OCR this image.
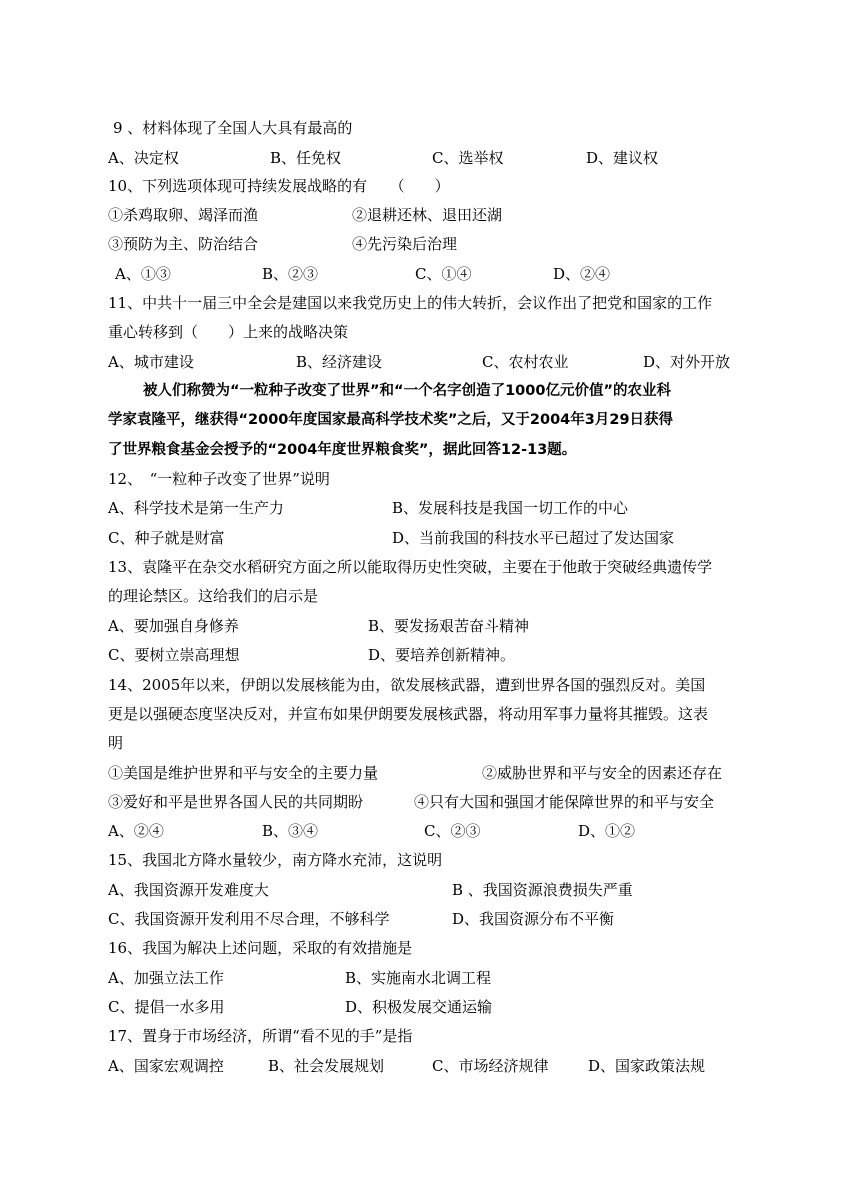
9 、材料体现了全国人大具有最高的
A、决定权	B、任免权	C、选举权	D、建议权
10、下列选项体现可持续发展战略的有　　（　　）
①杀鸡取卵、竭泽而渔	②退耕还林、退田还湖
③预防为主、防治结合	④先污染后治理
A、①③	B、②③	C、①④	D、②④
11、中共十一届三中全会是建国以来我党历史上的伟大转折，会议作出了把党和国家的工作
重心转移到（　　）上来的战略决策
A、城市建设	B、经济建设	C、农村农业	D、对外开放
被人们称赞为“一粒种子改变了世界”和“一个名字创造了1000亿元价值”的农业科
学家袁隆平，继获得“2000年度国家最高科学技术奖”之后，又于2004年3月29日获得
了世界粮食基金会授予的“2004年度世界粮食奖”，据此回答12-13题。
12、　“一粒种子改变了世界”说明
A、科学技术是第一生产力	B、发展科技是我国一切工作的中心
C、种子就是财富	D、当前我国的科技水平已超过了发达国家
13、袁隆平在杂交水稻研究方面之所以能取得历史性突破，主要在于他敢于突破经典遗传学
的理论禁区。这给我们的启示是
A、要加强自身修养	B、要发扬艰苦奋斗精神
C、要树立崇高理想	D、要培养创新精神。
14、2005年以来，伊朗以发展核能为由，欲发展核武器，遭到世界各国的强烈反对。美国
更是以强硬态度坚决反对，并宣布如果伊朗要发展核武器，将动用军事力量将其摧毁。这表
明
①美国是维护世界和平与安全的主要力量	②威胁世界和平与安全的因素还存在
③爱好和平是世界各国人民的共同期盼	④只有大国和强国才能保障世界的和平与安全
A、②④	B、③④	C、②③	D、①②
15、我国北方降水量较少，南方降水充沛，这说明
A、我国资源开发难度大	B 、我国资源浪费损失严重
C、我国资源开发利用不尽合理，不够科学	D、我国资源分布不平衡
16、我国为解决上述问题，采取的有效措施是
A、加强立法工作	B、实施南水北调工程
C、提倡一水多用	D、积极发展交通运输
17、置身于市场经济，所谓“看不见的手”是指
A、国家宏观调控	B、社会发展规划	C、市场经济规律	D、国家政策法规
